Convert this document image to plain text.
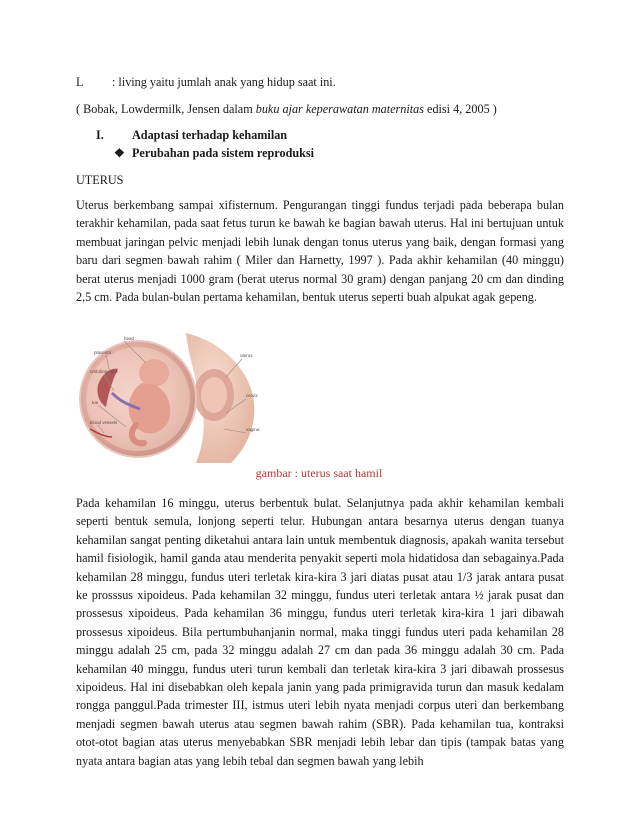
L : living yaitu jumlah anak yang hidup saat ini.
( Bobak, Lowdermilk, Jensen dalam buku ajar keperawatan maternitas edisi 4, 2005 )
I. Adaptasi terhadap kehamilan
❖ Perubahan pada sistem reproduksi
UTERUS

Uterus berkembang sampai xifisternum. Pengurangan tinggi fundus terjadi pada beberapa bulan terakhir kehamilan, pada saat fetus turun ke bawah ke bagian bawah uterus. Hal ini bertujuan untuk membuat jaringan pelvic menjadi lebih lunak dengan tonus uterus yang baik, dengan formasi yang baru dari segmen bawah rahim ( Miler dan Harnetty, 1997 ). Pada akhir kehamilan (40 minggu) berat uterus menjadi 1000 gram (berat uterus normal 30 gram) dengan panjang 20 cm dan dinding 2,5 cm. Pada bulan-bulan pertama kehamilan, bentuk uterus seperti buah alpukat agak gepeng.

head
placenta
umbilical cord
toe
blood vessels
uterus
cervix
vagina
gambar : uterus saat hamil

Pada kehamilan 16 minggu, uterus berbentuk bulat. Selanjutnya pada akhir kehamilan kembali seperti bentuk semula, lonjong seperti telur. Hubungan antara besarnya uterus dengan tuanya kehamilan sangat penting diketahui antara lain untuk membentuk diagnosis, apakah wanita tersebut hamil fisiologik, hamil ganda atau menderita penyakit seperti mola hidatidosa dan sebagainya.Pada kehamilan 28 minggu, fundus uteri terletak kira-kira 3 jari diatas pusat atau 1/3 jarak antara pusat ke prosssus xipoideus. Pada kehamilan 32 minggu, fundus uteri terletak antara ½ jarak pusat dan prossesus xipoideus. Pada kehamilan 36 minggu, fundus uteri terletak kira-kira 1 jari dibawah prossesus xipoideus. Bila pertumbuhanjanin normal, maka tinggi fundus uteri pada kehamilan 28 minggu adalah 25 cm, pada 32 minggu adalah 27 cm dan pada 36 minggu adalah 30 cm. Pada kehamilan 40 minggu, fundus uteri turun kembali dan terletak kira-kira 3 jari dibawah prossesus xipoideus. Hal ini disebabkan oleh kepala janin yang pada primigravida turun dan masuk kedalam rongga panggul.Pada trimester III, istmus uteri lebih nyata menjadi corpus uteri dan berkembang menjadi segmen bawah uterus atau segmen bawah rahim (SBR). Pada kehamilan tua, kontraksi otot-otot bagian atas uterus menyebabkan SBR menjadi lebih lebar dan tipis (tampak batas yang nyata antara bagian atas yang lebih tebal dan segmen bawah yang lebih
